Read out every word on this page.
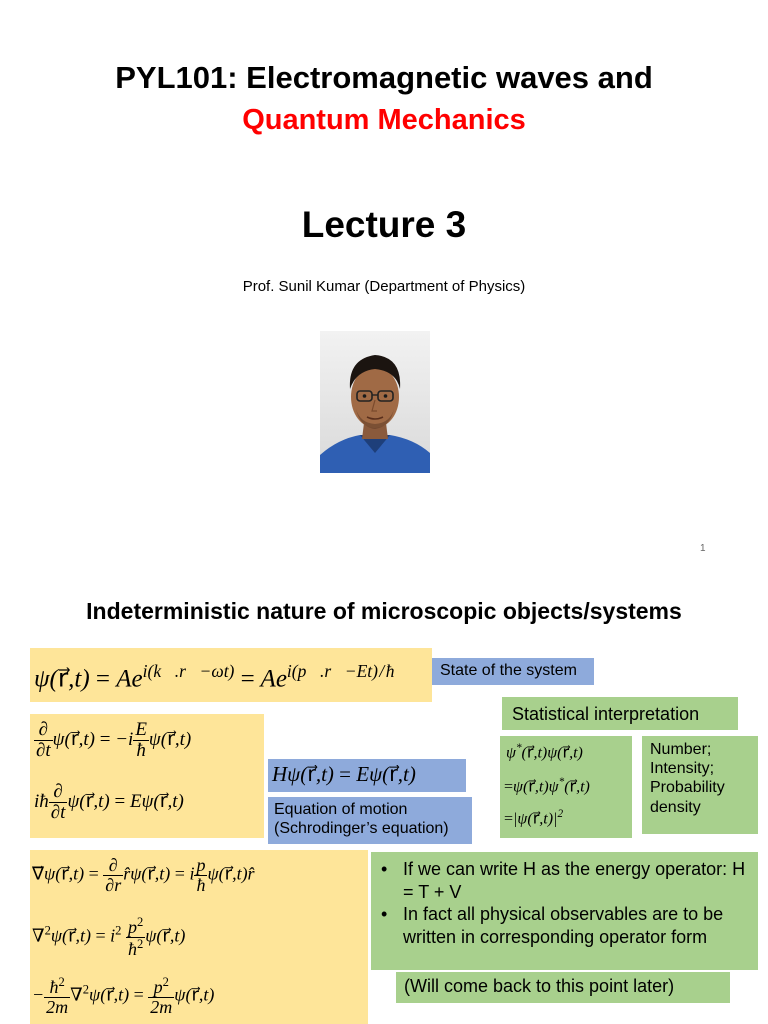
PYL101: Electromagnetic waves and
Quantum Mechanics
Lecture 3
Prof. Sunil Kumar (Department of Physics)
1
Indeterministic nature of microscopic objects/systems
ψ(r⃗,t) = $Ae^{i(k⃗.r⃗-\omega t)} = Ae^{i(p⃗.r⃗-Et) / ħ}$	State of the system
Statistical interpretation
$\frac{\partial}{\partial t}$ ψ(r⃗,t) = $-i \frac{E}{ħ}$ ψ(r⃗,t)
iħ $\frac{\partial}{\partial t}$ ψ(r⃗,t) = Eψ(r⃗,t)
Hψ(r⃗,t) = Eψ(r⃗,t)
Equation of motion
(Schrodinger’s equation)
ψ*(r⃗,t)ψ(r⃗,t)
=ψ(r⃗,t)ψ*(r⃗,t)
$=|\psi(r⃗,t)|^2$
Number;
Intensity;
Probability
density
∇⃗ψ(r⃗,t) = $\frac{\partial}{\partial r}$ r̂ψ(r⃗,t) = i $\frac{p}{ħ}$ ψ(r⃗,t)r̂
∇$^2$ψ(r⃗,t) = $i^2 \frac{p^2}{ħ^2}$ ψ(r⃗,t)
− $\frac{ħ^2}{2m}$ ∇$^2$ψ(r⃗,t) = $\frac{p^2}{2m}$ ψ(r⃗,t)
• If we can write H as the energy operator: H = T + V
• In fact all physical observables are to be written in corresponding operator form
(Will come back to this point later)
